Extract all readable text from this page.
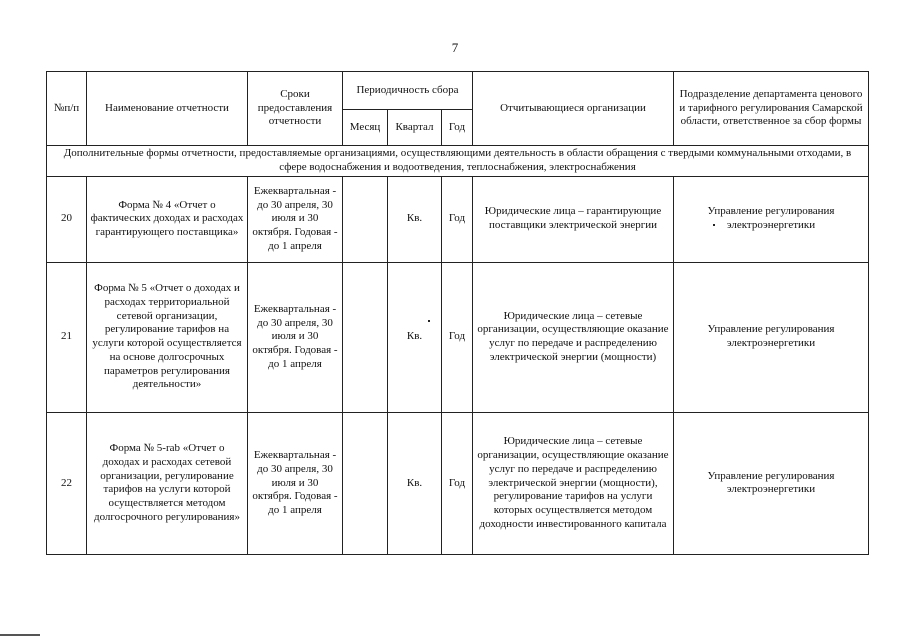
7
№п/п	Наименование отчетности	Сроки предоставления отчетности	Периодичность сбора			Отчитывающиеся организации	Подразделение департамента ценового и тарифного регулирования Самарской области, ответственное за сбор формы
			Месяц	Квартал	Год		
Дополнительные формы отчетности, предоставляемые организациями, осуществляющими деятельность в области обращения с твердыми коммунальными отходами, в сфере водоснабжения и водоотведения, теплоснабжения, электроснабжения							
20	Форма № 4 «Отчет о фактических доходах и расходах гарантирующего поставщика»	Ежеквартальная - до 30 апреля, 30 июля и 30 октября. Годовая - до 1 апреля		Кв.	Год	Юридические лица – гарантирующие поставщики электрической энергии	Управление регулирования электроэнергетики
21	Форма № 5 «Отчет о доходах и расходах территориальной сетевой организации, регулирование тарифов на услуги которой осуществляется на основе долгосрочных параметров регулирования деятельности»	Ежеквартальная - до 30 апреля, 30 июля и 30 октября. Годовая - до 1 апреля		Кв.	Год	Юридические лица – сетевые организации, осуществляющие оказание услуг по передаче и распределению электрической энергии (мощности)	Управление регулирования электроэнергетики
22	Форма № 5-rab «Отчет о доходах и расходах сетевой организации, регулирование тарифов на услуги которой осуществляется методом долгосрочного регулирования»	Ежеквартальная - до 30 апреля, 30 июля и 30 октября. Годовая - до 1 апреля		Кв.	Год	Юридические лица – сетевые организации, осуществляющие оказание услуг по передаче и распределению электрической энергии (мощности), регулирование тарифов на услуги которых осуществляется методом доходности инвестированного капитала	Управление регулирования электроэнергетики
